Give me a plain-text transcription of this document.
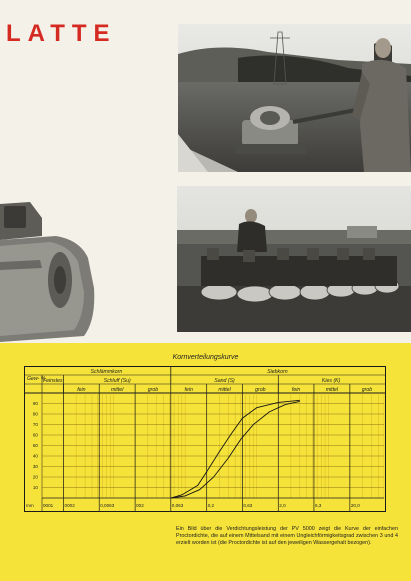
LATTE
Kornverteilungskurve
Gew- %
Schlämmkorn	Siebkorn
Feinstes	Schluff (Su)	Sand (S)	Kies (K)
fein	mittel	grob	fein	mittel	grob	fein	mittel	grob
10
20
30
40
50
60
70
80
90
mm 0001 0002	0,0063	002	0,063	0,2	0,63	2,0	6,3	20,0
Ein Bild über die Verdichtungsleistung der PV 5000 zeigt die Kurve der einfachen Proctordichte, die auf einem Mittelsand mit einem Ungleichförmigkeitsgrad zwischen 3 und 4 erzielt worden ist (die Proctordichte ist auf den jeweiligen Wassergehalt bezogen).
